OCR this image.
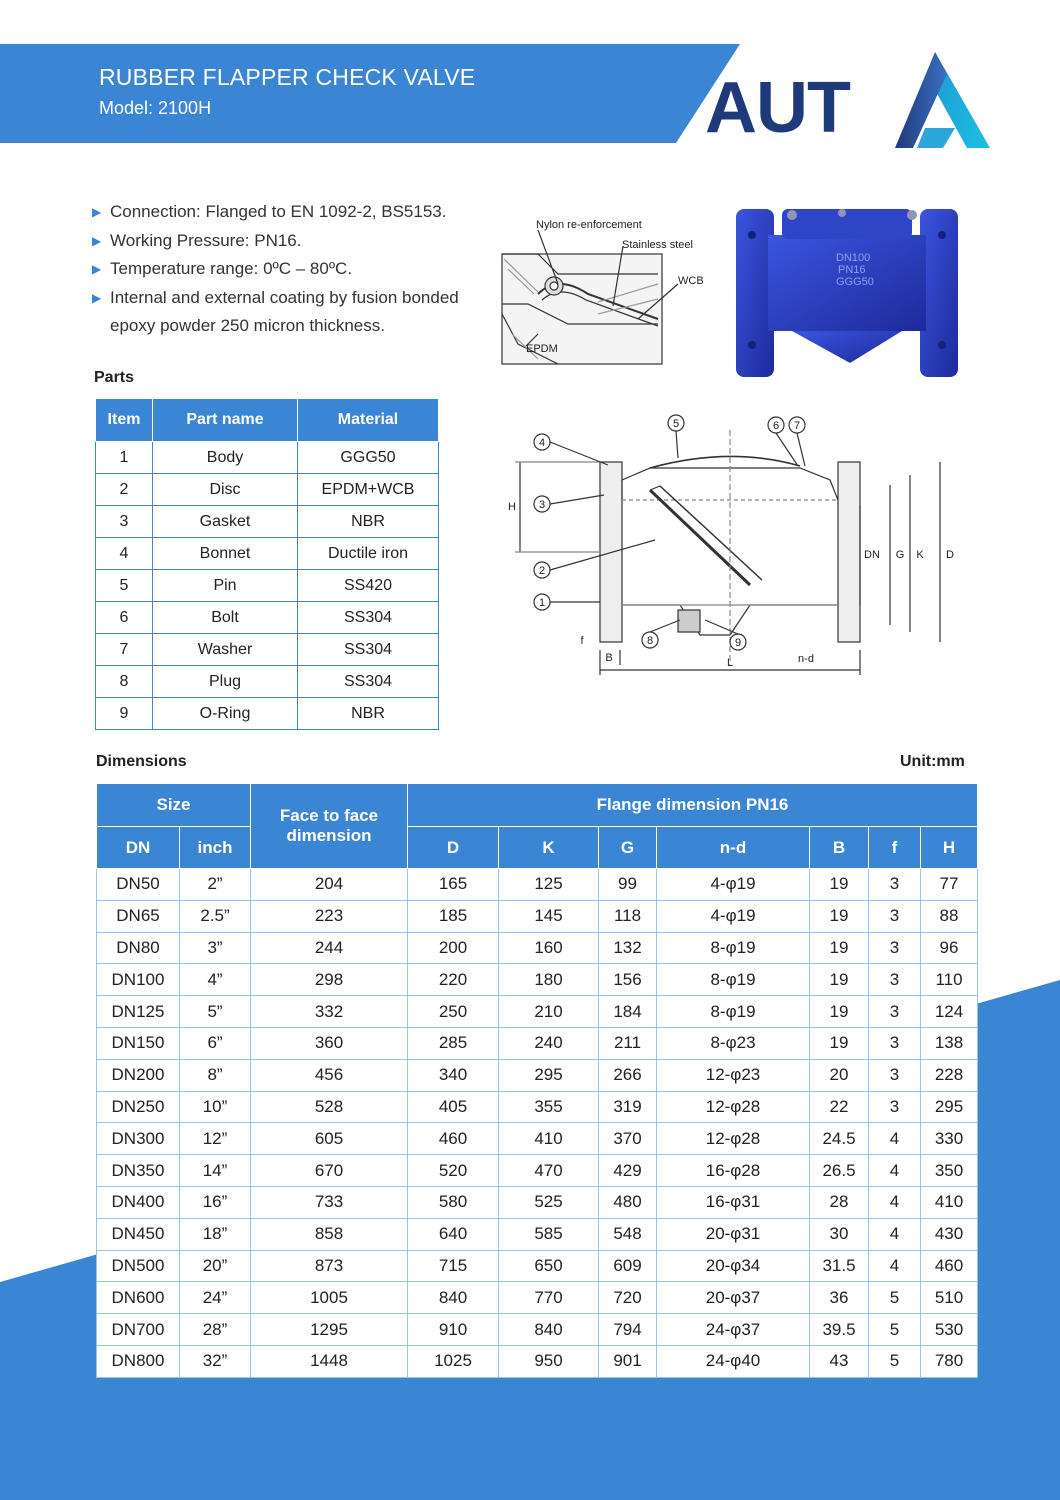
RUBBER FLAPPER CHECK VALVE
Model: 2100H	AUT
▶ Connection: Flanged to EN 1092-2, BS5153.
▶ Working Pressure: PN16.
▶ Temperature range: 0ºC – 80ºC.
▶ Internal and external coating by fusion bonded epoxy powder 250 micron thickness.
Nylon re-enforcement
Stainless steel
WCB
EPDM
DN100
PN16
GGG50
Parts
Item	Part name	Material
1	Body	GGG50
2	Disc	EPDM+WCB
3	Gasket	NBR
4	Bonnet	Ductile iron
5	Pin	SS420
6	Bolt	SS304
7	Washer	SS304
8	Plug	SS304
9	O-Ring	NBR
4
3
2
1
5	6 7
8	9
H
DN G K D
f
B	L	n-d
Dimensions	Unit:mm
Size		Face to face dimension	Flange dimension PN16						
DN	inch		D	K	G	n-d	B	f	H
DN50	2”	204	165	125	99	4-φ19	19	3	77
DN65	2.5”	223	185	145	118	4-φ19	19	3	88
DN80	3”	244	200	160	132	8-φ19	19	3	96
DN100	4”	298	220	180	156	8-φ19	19	3	110
DN125	5”	332	250	210	184	8-φ19	19	3	124
DN150	6”	360	285	240	211	8-φ23	19	3	138
DN200	8”	456	340	295	266	12-φ23	20	3	228
DN250	10”	528	405	355	319	12-φ28	22	3	295
DN300	12”	605	460	410	370	12-φ28	24.5	4	330
DN350	14”	670	520	470	429	16-φ28	26.5	4	350
DN400	16”	733	580	525	480	16-φ31	28	4	410
DN450	18”	858	640	585	548	20-φ31	30	4	430
DN500	20”	873	715	650	609	20-φ34	31.5	4	460
DN600	24”	1005	840	770	720	20-φ37	36	5	510
DN700	28”	1295	910	840	794	24-φ37	39.5	5	530
DN800	32”	1448	1025	950	901	24-φ40	43	5	780
